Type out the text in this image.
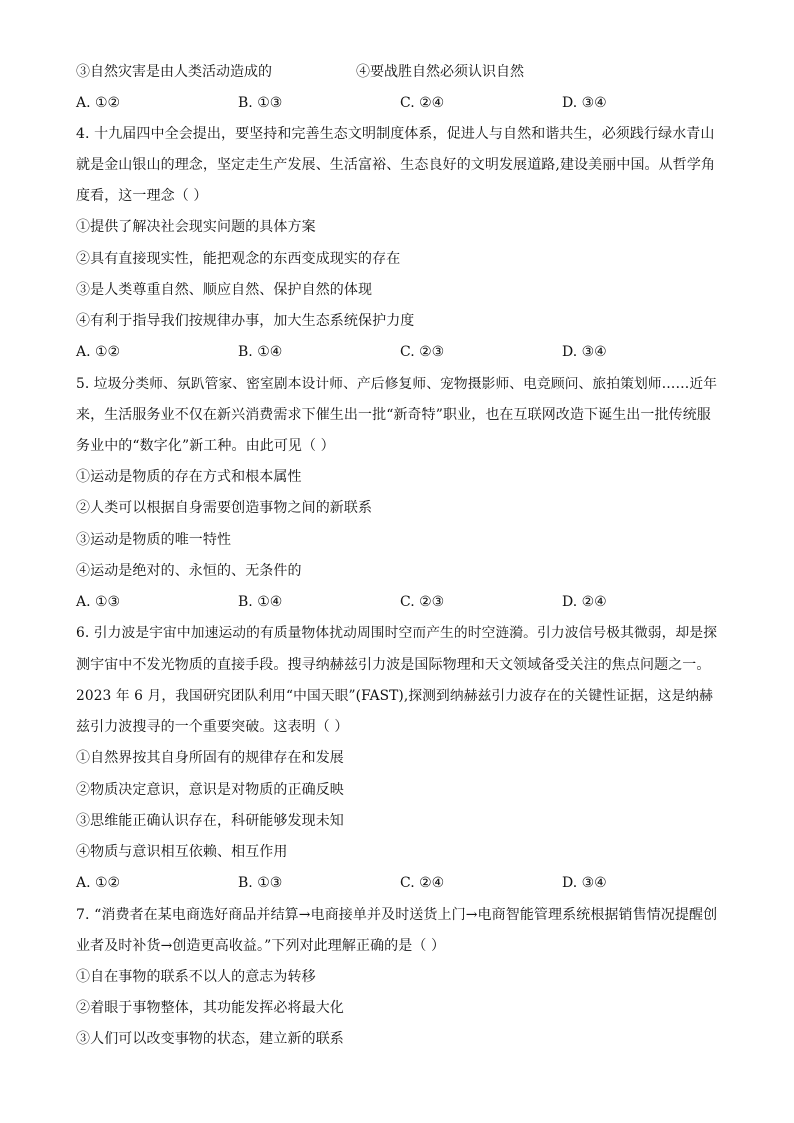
③自然灾害是由人类活动造成的	④要战胜自然必须认识自然
A. ①②	B. ①③	C. ②④	D. ③④
4. 十九届四中全会提出，要坚持和完善生态文明制度体系，促进人与自然和谐共生，必须践行绿水青山
就是金山银山的理念，坚定走生产发展、生活富裕、生态良好的文明发展道路,建设美丽中国。从哲学角
度看，这一理念（ ）
①提供了解决社会现实问题的具体方案
②具有直接现实性，能把观念的东西变成现实的存在
③是人类尊重自然、顺应自然、保护自然的体现
④有利于指导我们按规律办事，加大生态系统保护力度
A. ①②	B. ①④	C. ②③	D. ③④
5. 垃圾分类师、氛趴管家、密室剧本设计师、产后修复师、宠物摄影师、电竞顾问、旅拍策划师……近年
来，生活服务业不仅在新兴消费需求下催生出一批“新奇特”职业，也在互联网改造下诞生出一批传统服
务业中的“数字化”新工种。由此可见（ ）
①运动是物质的存在方式和根本属性
②人类可以根据自身需要创造事物之间的新联系
③运动是物质的唯一特性
④运动是绝对的、永恒的、无条件的
A. ①③	B. ①④	C. ②③	D. ②④
6. 引力波是宇宙中加速运动的有质量物体扰动周围时空而产生的时空涟漪。引力波信号极其微弱，却是探
测宇宙中不发光物质的直接手段。搜寻纳赫兹引力波是国际物理和天文领域备受关注的焦点问题之一。
2023 年 6 月，我国研究团队利用“中国天眼”(FAST),探测到纳赫兹引力波存在的关键性证据，这是纳赫
兹引力波搜寻的一个重要突破。这表明（ ）
①自然界按其自身所固有的规律存在和发展
②物质决定意识，意识是对物质的正确反映
③思维能正确认识存在，科研能够发现未知
④物质与意识相互依赖、相互作用
A. ①②	B. ①③	C. ②④	D. ③④
7. “消费者在某电商选好商品并结算→电商接单并及时送货上门→电商智能管理系统根据销售情况提醒创
业者及时补货→创造更高收益。”下列对此理解正确的是（ ）
①自在事物的联系不以人的意志为转移
②着眼于事物整体，其功能发挥必将最大化
③人们可以改变事物的状态，建立新的联系
